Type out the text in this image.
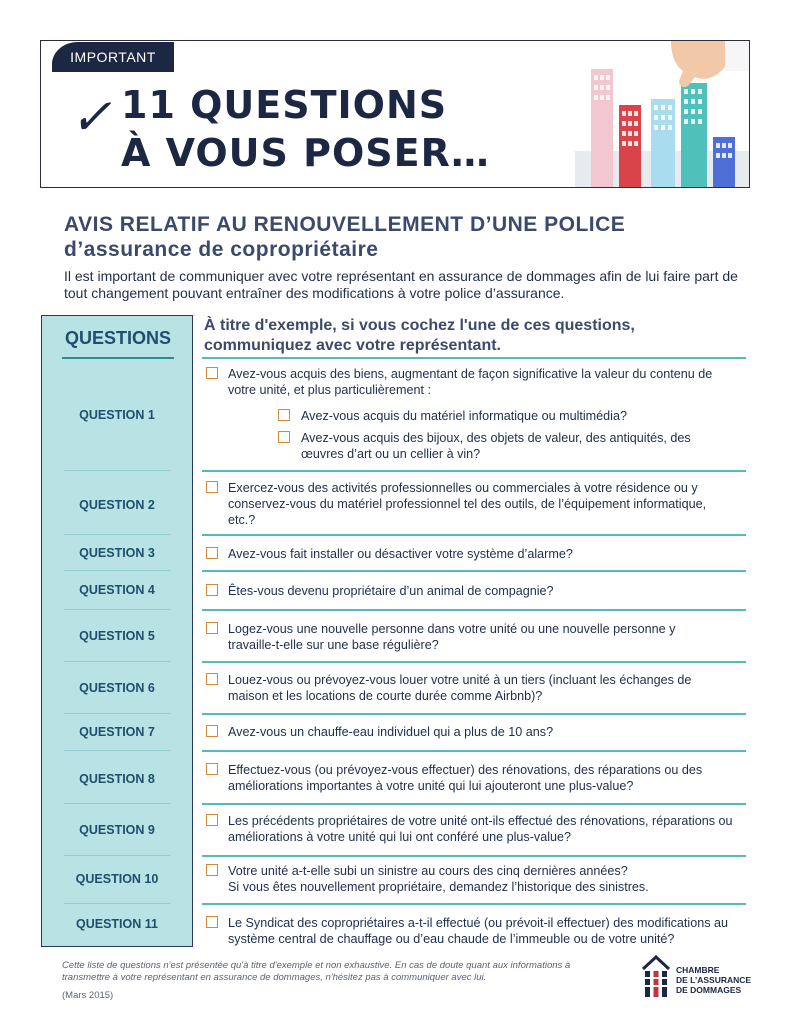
IMPORTANT
✓ 11 QUESTIONS
À VOUS POSER…
AVIS RELATIF AU RENOUVELLEMENT D’UNE POLICE
d’assurance de copropriétaire
Il est important de communiquer avec votre représentant en assurance de dommages afin de lui faire part de tout changement pouvant entraîner des modifications à votre police d’assurance.
QUESTIONS
QUESTION 1
QUESTION 2
QUESTION 3
QUESTION 4
QUESTION 5
QUESTION 6
QUESTION 7
QUESTION 8
QUESTION 9
QUESTION 10
QUESTION 11
À titre d'exemple, si vous cochez l'une de ces questions, communiquez avec votre représentant.
Avez-vous acquis des biens, augmentant de façon significative la valeur du contenu de votre unité, et plus particulièrement :
Avez-vous acquis du matériel informatique ou multimédia?
Avez-vous acquis des bijoux, des objets de valeur, des antiquités, des œuvres d’art ou un cellier à vin?
Exercez-vous des activités professionnelles ou commerciales à votre résidence ou y conservez-vous du matériel professionnel tel des outils, de l’équipement informatique, etc.?
Avez-vous fait installer ou désactiver votre système d’alarme?
Êtes-vous devenu propriétaire d’un animal de compagnie?
Logez-vous une nouvelle personne dans votre unité ou une nouvelle personne y travaille-t-elle sur une base régulière?
Louez-vous ou prévoyez-vous louer votre unité à un tiers (incluant les échanges de maison et les locations de courte durée comme Airbnb)?
Avez-vous un chauffe-eau individuel qui a plus de 10 ans?
Effectuez-vous (ou prévoyez-vous effectuer) des rénovations, des réparations ou des améliorations importantes à votre unité qui lui ajouteront une plus-value?
Les précédents propriétaires de votre unité ont-ils effectué des rénovations, réparations ou améliorations à votre unité qui lui ont conféré une plus-value?
Votre unité a-t-elle subi un sinistre au cours des cinq dernières années?
Si vous êtes nouvellement propriétaire, demandez l’historique des sinistres.
Le Syndicat des copropriétaires a-t-il effectué (ou prévoit-il effectuer) des modifications au système central de chauffage ou d’eau chaude de l’immeuble ou de votre unité?
Cette liste de questions n'est présentée qu'à titre d'exemple et non exhaustive. En cas de doute quant aux informations à transmettre à votre représentant en assurance de dommages, n'hésitez pas à communiquer avec lui.
(Mars 2015)
CHAMBRE
DE L’ASSURANCE
DE DOMMAGES
